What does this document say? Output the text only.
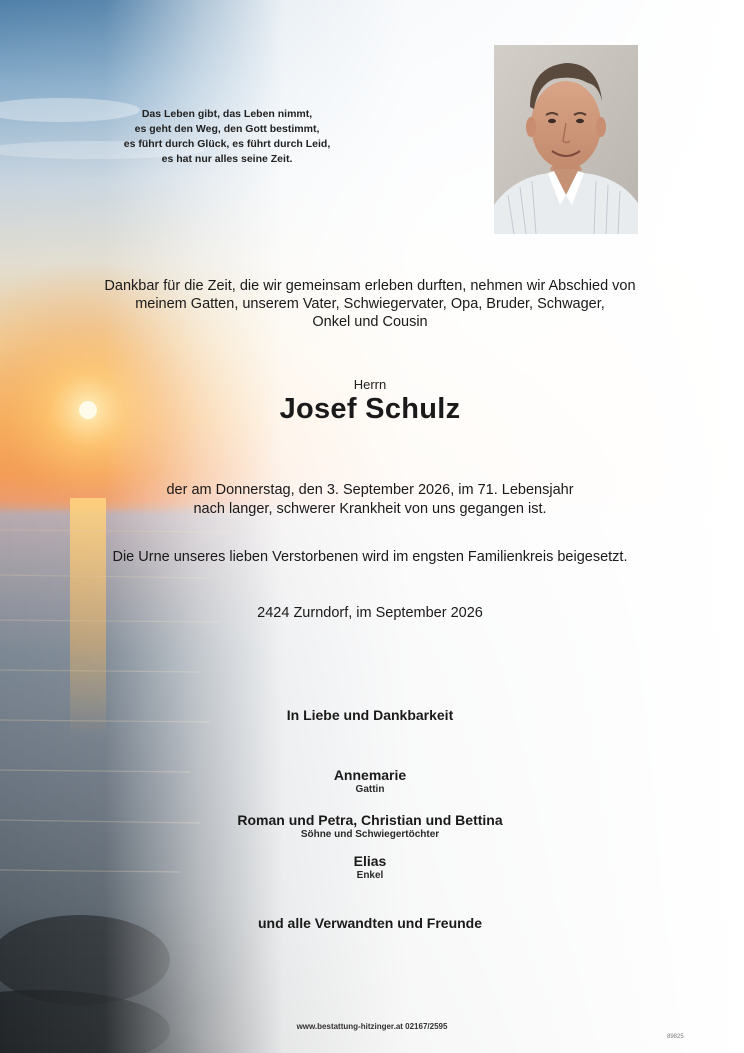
Das Leben gibt, das Leben nimmt,
es geht den Weg, den Gott bestimmt,
es führt durch Glück, es führt durch Leid,
es hat nur alles seine Zeit.
Dankbar für die Zeit, die wir gemeinsam erleben durften, nehmen wir Abschied von
meinem Gatten, unserem Vater, Schwiegervater, Opa, Bruder, Schwager,
Onkel und Cousin
Herrn
Josef Schulz
der am Donnerstag, den 3. September 2026, im 71. Lebensjahr
nach langer, schwerer Krankheit von uns gegangen ist.
Die Urne unseres lieben Verstorbenen wird im engsten Familienkreis beigesetzt.
2424 Zurndorf, im September 2026
In Liebe und Dankbarkeit
Annemarie
Gattin
Roman und Petra, Christian und Bettina
Söhne und Schwiegertöchter
Elias
Enkel
und alle Verwandten und Freunde
www.bestattung-hitzinger.at 02167/2595
89825
